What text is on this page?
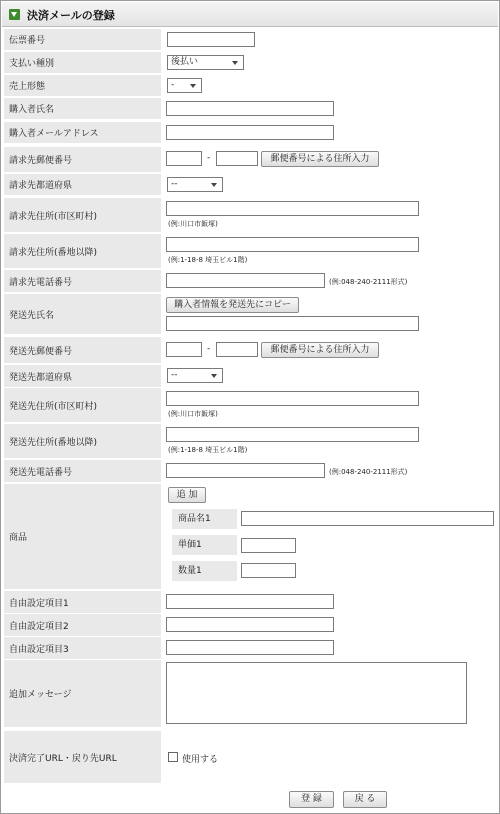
決済メールの登録
伝票番号
支払い種別	後払い
売上形態	-
購入者氏名
購入者メールアドレス
請求先郵便番号	-	郵便番号による住所入力
請求先都道府県	--
請求先住所(市区町村)
(例:川口市飯塚)
請求先住所(番地以降)
(例:1-18-8 埼玉ビル1階)
請求先電話番号	(例:048-240-2111形式)
発送先氏名
購入者情報を発送先にコピー
発送先郵便番号	-	郵便番号による住所入力
発送先都道府県	--
発送先住所(市区町村)
(例:川口市飯塚)
発送先住所(番地以降)
(例:1-18-8 埼玉ビル1階)
発送先電話番号	(例:048-240-2111形式)
商品
追 加
商品名1
単価1
数量1
自由設定項目1
自由設定項目2
自由設定項目3
追加メッセージ
決済完了URL・戻り先URL	使用する
登 録	戻 る
